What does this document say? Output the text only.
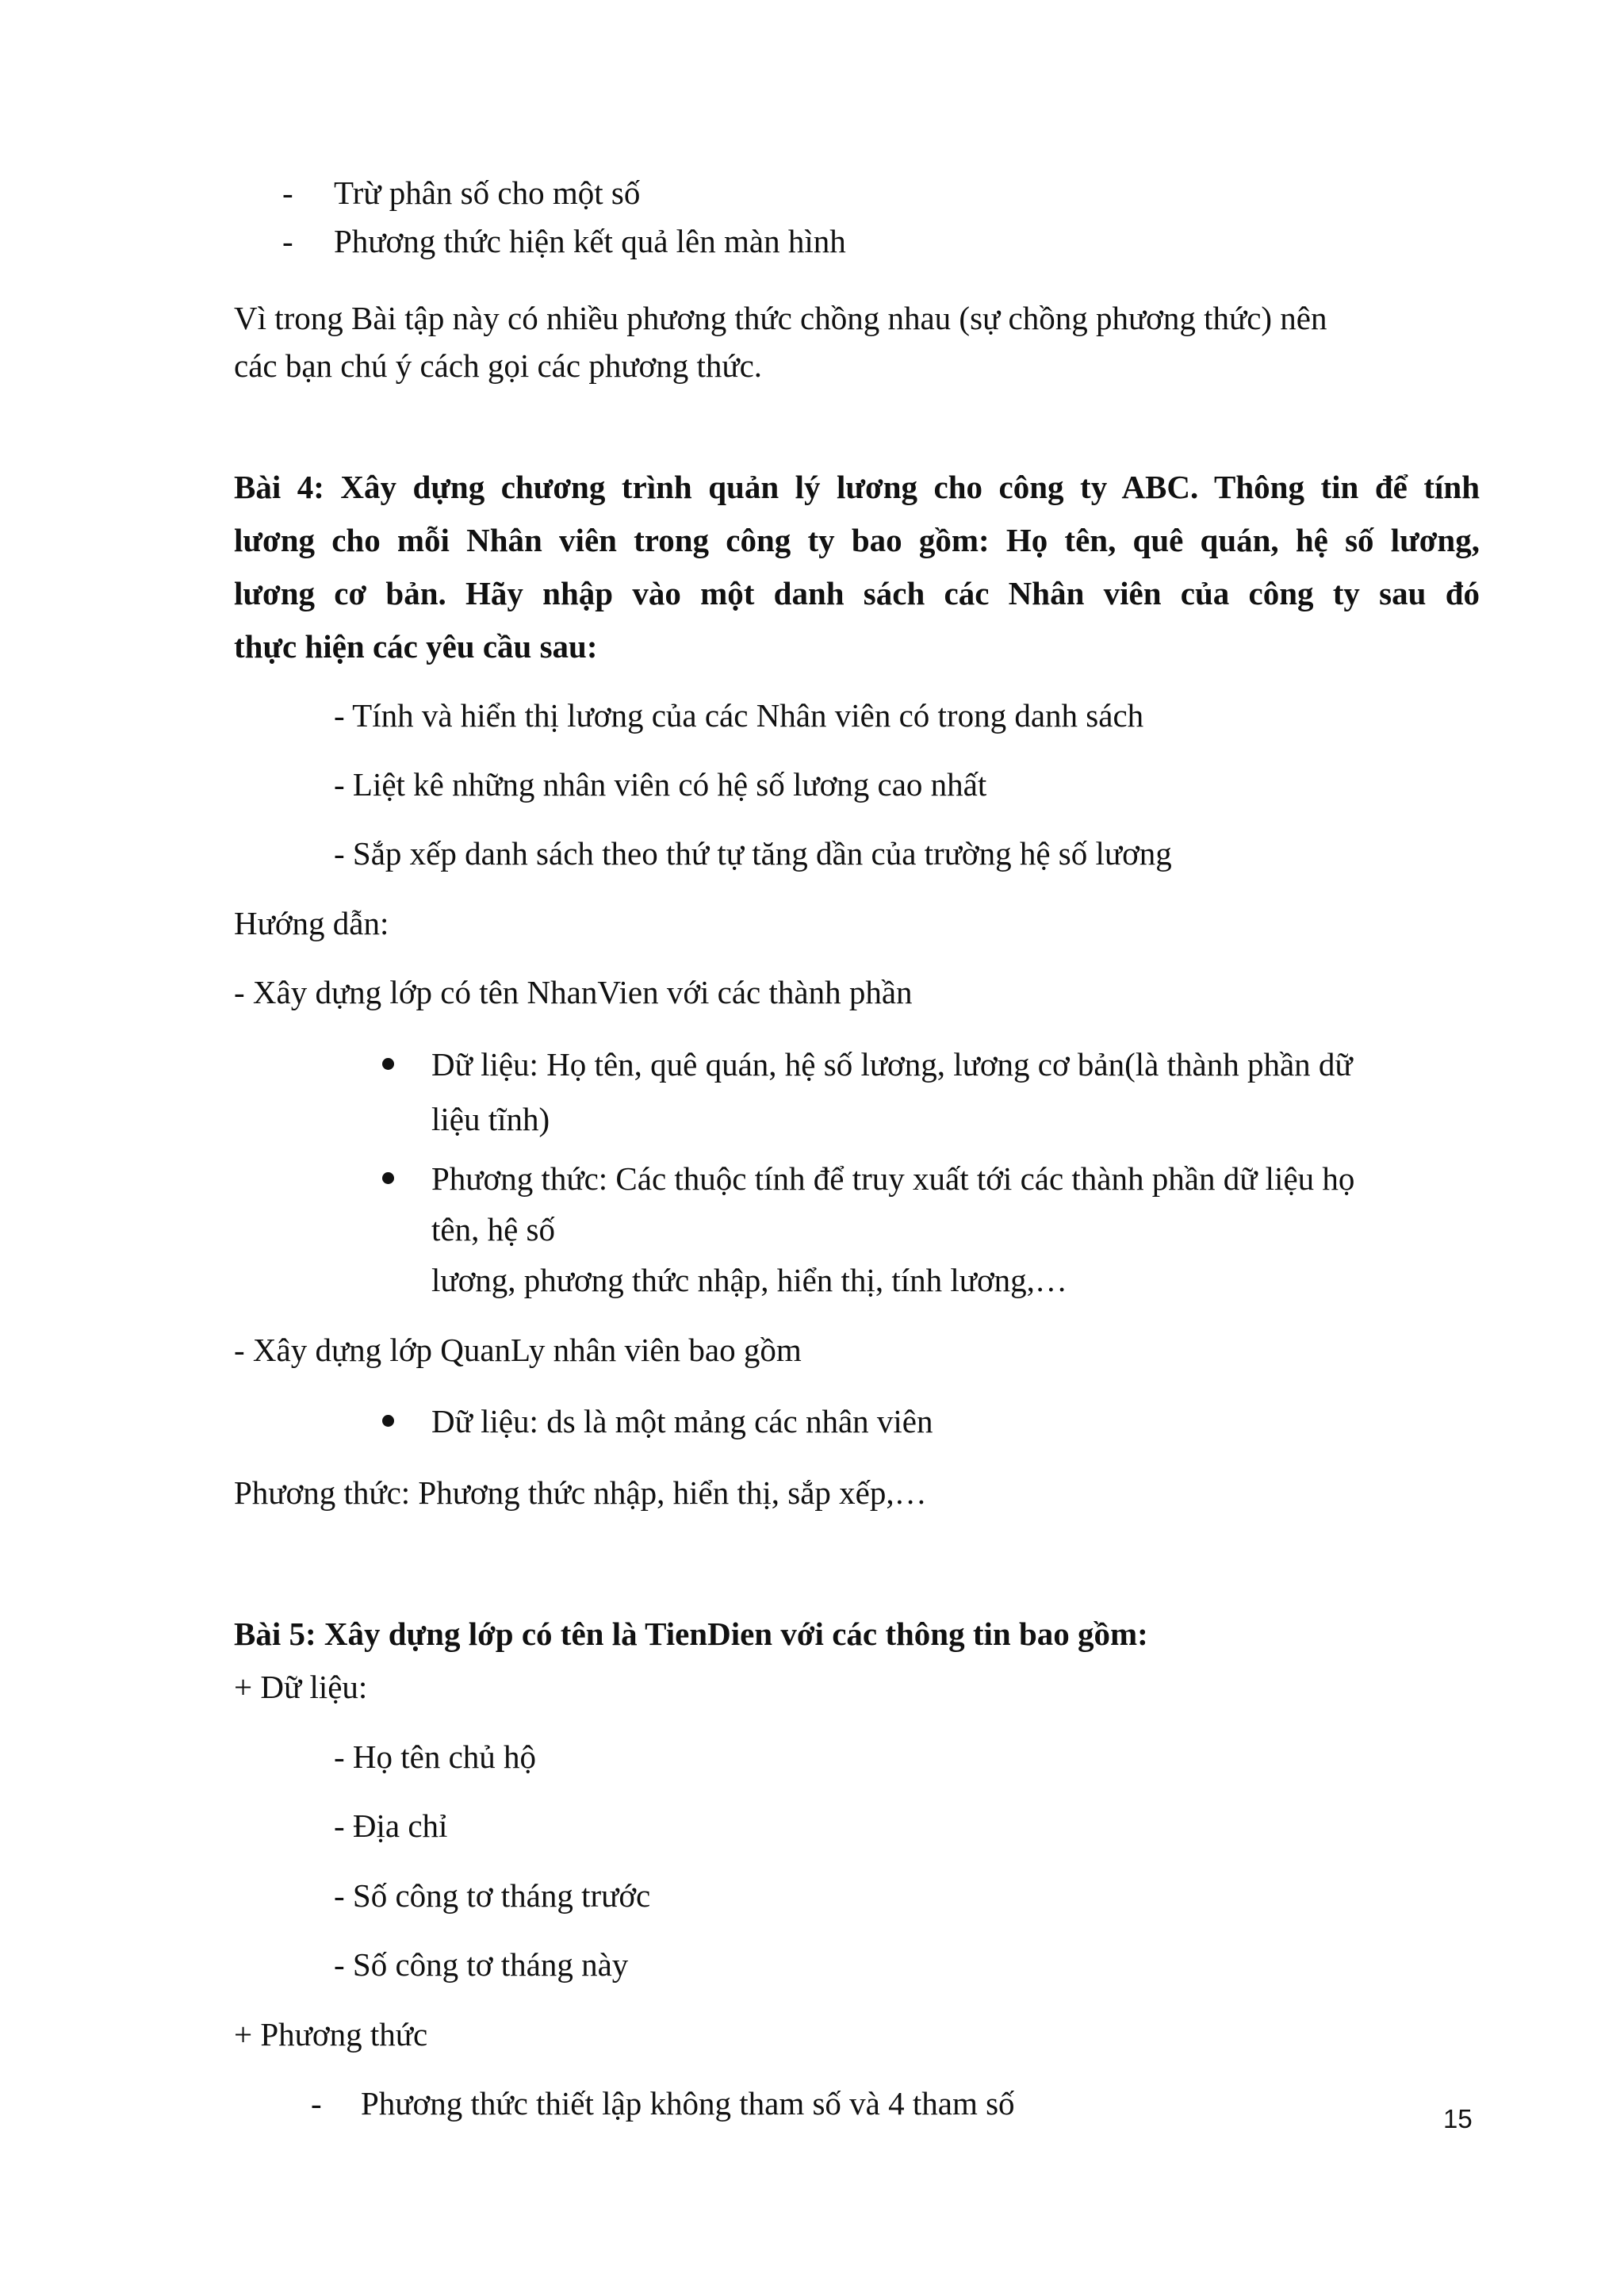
- Trừ phân số cho một số
- Phương thức hiện kết quả lên màn hình
Vì trong Bài tập này có nhiều phương thức chồng nhau (sự chồng phương thức) nên
các bạn chú ý cách gọi các phương thức.
Bài 4: Xây dựng chương trình quản lý lương cho công ty ABC. Thông tin để tính
lương cho mỗi Nhân viên trong công ty bao gồm: Họ tên, quê quán, hệ số lương,
lương cơ bản. Hãy nhập vào một danh sách các Nhân viên của công ty sau đó
thực hiện các yêu cầu sau:
- Tính và hiển thị lương của các Nhân viên có trong danh sách
- Liệt kê những nhân viên có hệ số lương cao nhất
- Sắp xếp danh sách theo thứ tự tăng dần của trường hệ số lương
Hướng dẫn:
- Xây dựng lớp có tên NhanVien với các thành phần
Dữ liệu: Họ tên, quê quán, hệ số lương, lương cơ bản(là thành phần dữ
liệu tĩnh)
Phương thức: Các thuộc tính để truy xuất tới các thành phần dữ liệu họ
tên, hệ số
lương, phương thức nhập, hiển thị, tính lương,…
- Xây dựng lớp QuanLy nhân viên bao gồm
Dữ liệu: ds là một mảng các nhân viên
Phương thức: Phương thức nhập, hiển thị, sắp xếp,…
Bài 5: Xây dựng lớp có tên là TienDien với các thông tin bao gồm:
+ Dữ liệu:
- Họ tên chủ hộ
- Địa chỉ
- Số công tơ tháng trước
- Số công tơ tháng này
+ Phương thức
- Phương thức thiết lập không tham số và 4 tham số	15
